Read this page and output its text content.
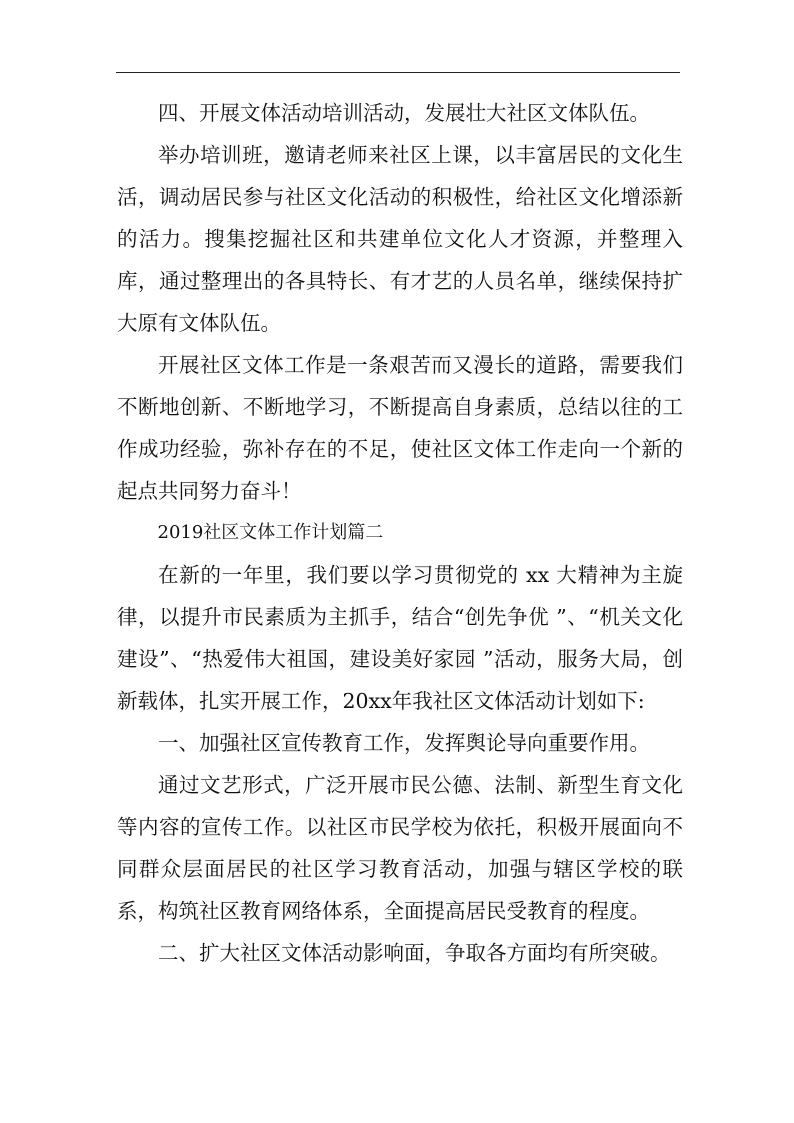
四、开展文体活动培训活动，发展壮大社区文体队伍。

举办培训班，邀请老师来社区上课，以丰富居民的文化生活，调动居民参与社区文化活动的积极性，给社区文化增添新的活力。搜集挖掘社区和共建单位文化人才资源，并整理入库，通过整理出的各具特长、有才艺的人员名单，继续保持扩大原有文体队伍。

开展社区文体工作是一条艰苦而又漫长的道路，需要我们不断地创新、不断地学习，不断提高自身素质，总结以往的工作成功经验，弥补存在的不足，使社区文体工作走向一个新的起点共同努力奋斗！

2019社区文体工作计划篇二

在新的一年里，我们要以学习贯彻党的 xx 大精神为主旋律，以提升市民素质为主抓手，结合“创先争优 ”、“机关文化建设”、“热爱伟大祖国，建设美好家园 ”活动，服务大局，创新载体，扎实开展工作，20xx年我社区文体活动计划如下:

一、加强社区宣传教育工作，发挥舆论导向重要作用。

通过文艺形式，广泛开展市民公德、法制、新型生育文化等内容的宣传工作。以社区市民学校为依托，积极开展面向不同群众层面居民的社区学习教育活动，加强与辖区学校的联系，构筑社区教育网络体系，全面提高居民受教育的程度。

二、扩大社区文体活动影响面，争取各方面均有所突破。
